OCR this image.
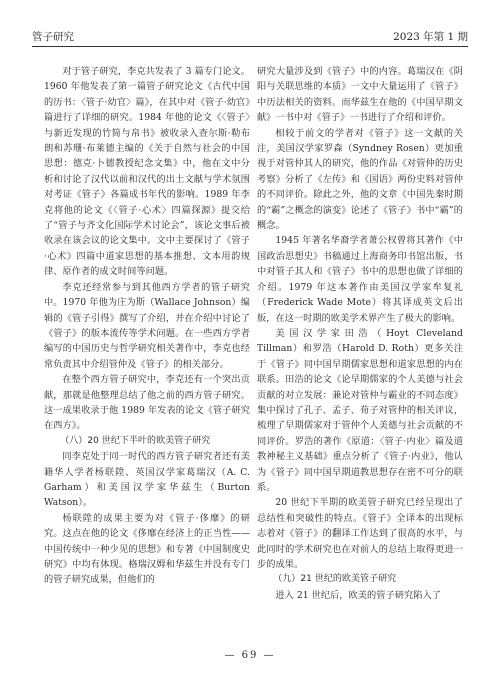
管子研究	2023 年第 1 期

对于管子研究，李克共发表了 3 篇专门论文。1960 年他发表了第一篇管子研究论文《古代中国的历书：〈管子·幼官〉篇》，在其中对《管子·幼官》篇进行了详细的研究。1984 年他的论文《〈管子〉与新近发现的竹简与帛书》被收录入查尔斯·勒布朗和苏珊·布莱德主编的《关于自然与社会的中国思想：德克·卜德教授纪念文集》中，他在文中分析和讨论了汉代以前和汉代的出土文献与学术氛围对考证《管子》各篇成书年代的影响。1989 年李克将他的论文《〈管子·心术〉四篇探源》提交给了“管子与齐文化国际学术讨论会”，该论文事后被收录在该会议的论文集中。文中主要探讨了《管子·心术》四篇中道家思想的基本推想、文本用韵规律、原作者的成文时间等问题。

李克还经常参与到其他西方学者的管子研究中。1970 年他为庄为斯（Wallace Johnson）编辑的《管子引得》撰写了介绍，并在介绍中讨论了《管子》的版本流传等学术问题。在一些西方学者编写的中国历史与哲学研究相关著作中，李克也经常负责其中介绍管仲及《管子》的相关部分。

在整个西方管子研究中，李克还有一个突出贡献，那就是他整理总结了他之前的西方管子研究。这一成果收录于他 1989 年发表的论文《管子研究在西方》。

（八）20 世纪下半叶的欧美管子研究

同李克处于同一时代的西方管子研究者还有美籍华人学者杨联陞、英国汉学家葛瑞汉（A. C. Garham）和美国汉学家华兹生（Burton Watson）。

杨联陞的成果主要为对《管子·侈靡》的研究。这点在他的论文《侈靡在经济上的正当性——中国传统中一种少见的思想》和专著《中国制度史研究》中均有体现。格瑞汉姆和华兹生并没有专门的管子研究成果，但他们的

研究大量涉及到《管子》中的内容。葛瑞汉在《阴阳与关联思维的本质》一文中大量运用了《管子》中历法相关的资料。而华兹生在他的《中国早期文献》一书中对《管子》一书进行了介绍和评价。

相较于前文的学者对《管子》这一文献的关注，美国汉学家罗森（Syndney Rosen）更加重视于对管仲其人的研究，他的作品《对管仲的历史考察》分析了《左传》和《国语》两份史料对管仲的不同评价。除此之外，他的文章《中国先秦时期的“霸”之概念的演变》论述了《管子》书中“霸”的概念。

1945 年著名华裔学者萧公权曾将其著作《中国政治思想史》书稿通过上海商务印书馆出版，书中对管子其人和《管子》书中的思想也做了详细的介绍。1979 年这本著作由美国汉学家牟复礼（Frederick Wade Mote）将其译成英文后出版，在这一时期的欧美学术界产生了极大的影响。

美国汉学家田浩（Hoyt Cleveland Tillman）和罗浩（Harold D. Roth）更多关注于《管子》同中国早期儒家思想和道家思想的内在联系。田浩的论文《论早期儒家的个人美德与社会贡献的对立发展：兼论对管仲与霸业的不同态度》集中探讨了孔子、孟子、荀子对管仲的相关评议，梳理了早期儒家对于管仲个人美德与社会贡献的不同评价。罗浩的著作《原道：〈管子·内业〉篇及道教神秘主义基础》重点分析了《管子·内业》，他认为《管子》同中国早期道教思想存在密不可分的联系。

20 世纪下半期的欧美管子研究已经呈现出了总结性和突破性的特点。《管子》全译本的出现标志着对《管子》的翻译工作达到了很高的水平，与此同时的学术研究也在对前人的总结上取得更进一步的成果。

（九）21 世纪的欧美管子研究

进入 21 世纪后，欧美的管子研究陷入了

— 69 —
